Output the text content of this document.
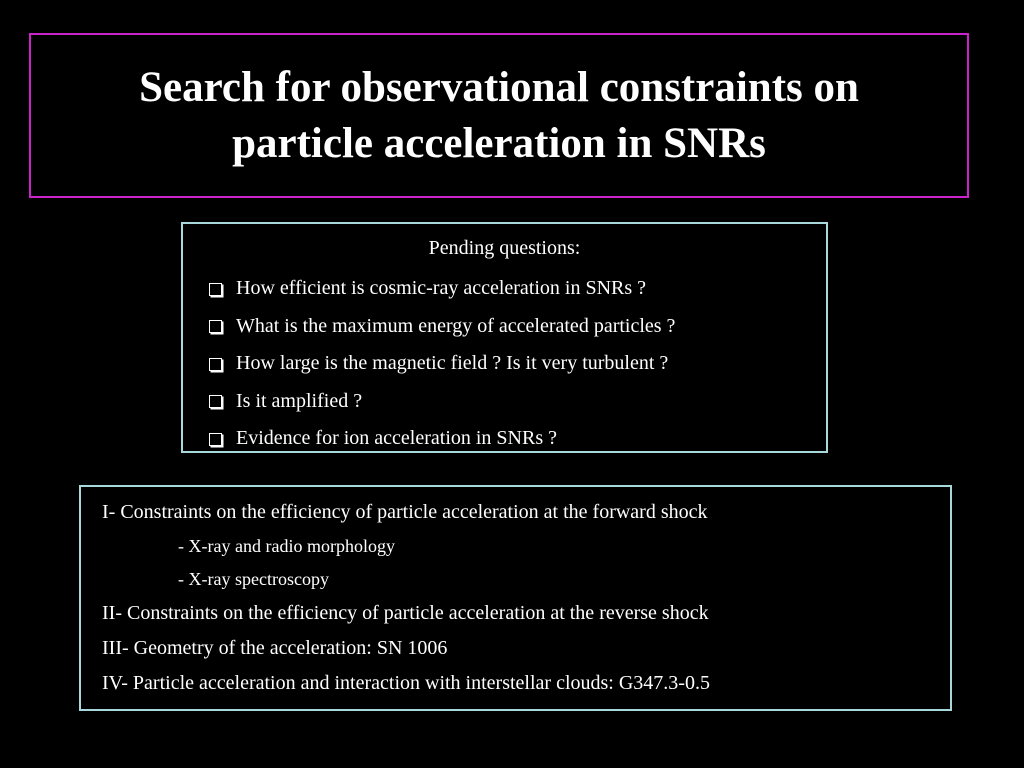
Search for observational constraints on
particle acceleration in SNRs
Pending questions:
How efficient is cosmic-ray acceleration in SNRs ?
What is the maximum energy of accelerated particles ?
How large is the magnetic field ? Is it very turbulent ?
Is it amplified ?
Evidence for ion acceleration in SNRs ?
I- Constraints on the efficiency of particle acceleration at the forward shock
- X-ray and radio morphology
- X-ray spectroscopy
II- Constraints on the efficiency of particle acceleration at the reverse shock
III- Geometry of the acceleration: SN 1006
IV- Particle acceleration and interaction with interstellar clouds: G347.3-0.5
